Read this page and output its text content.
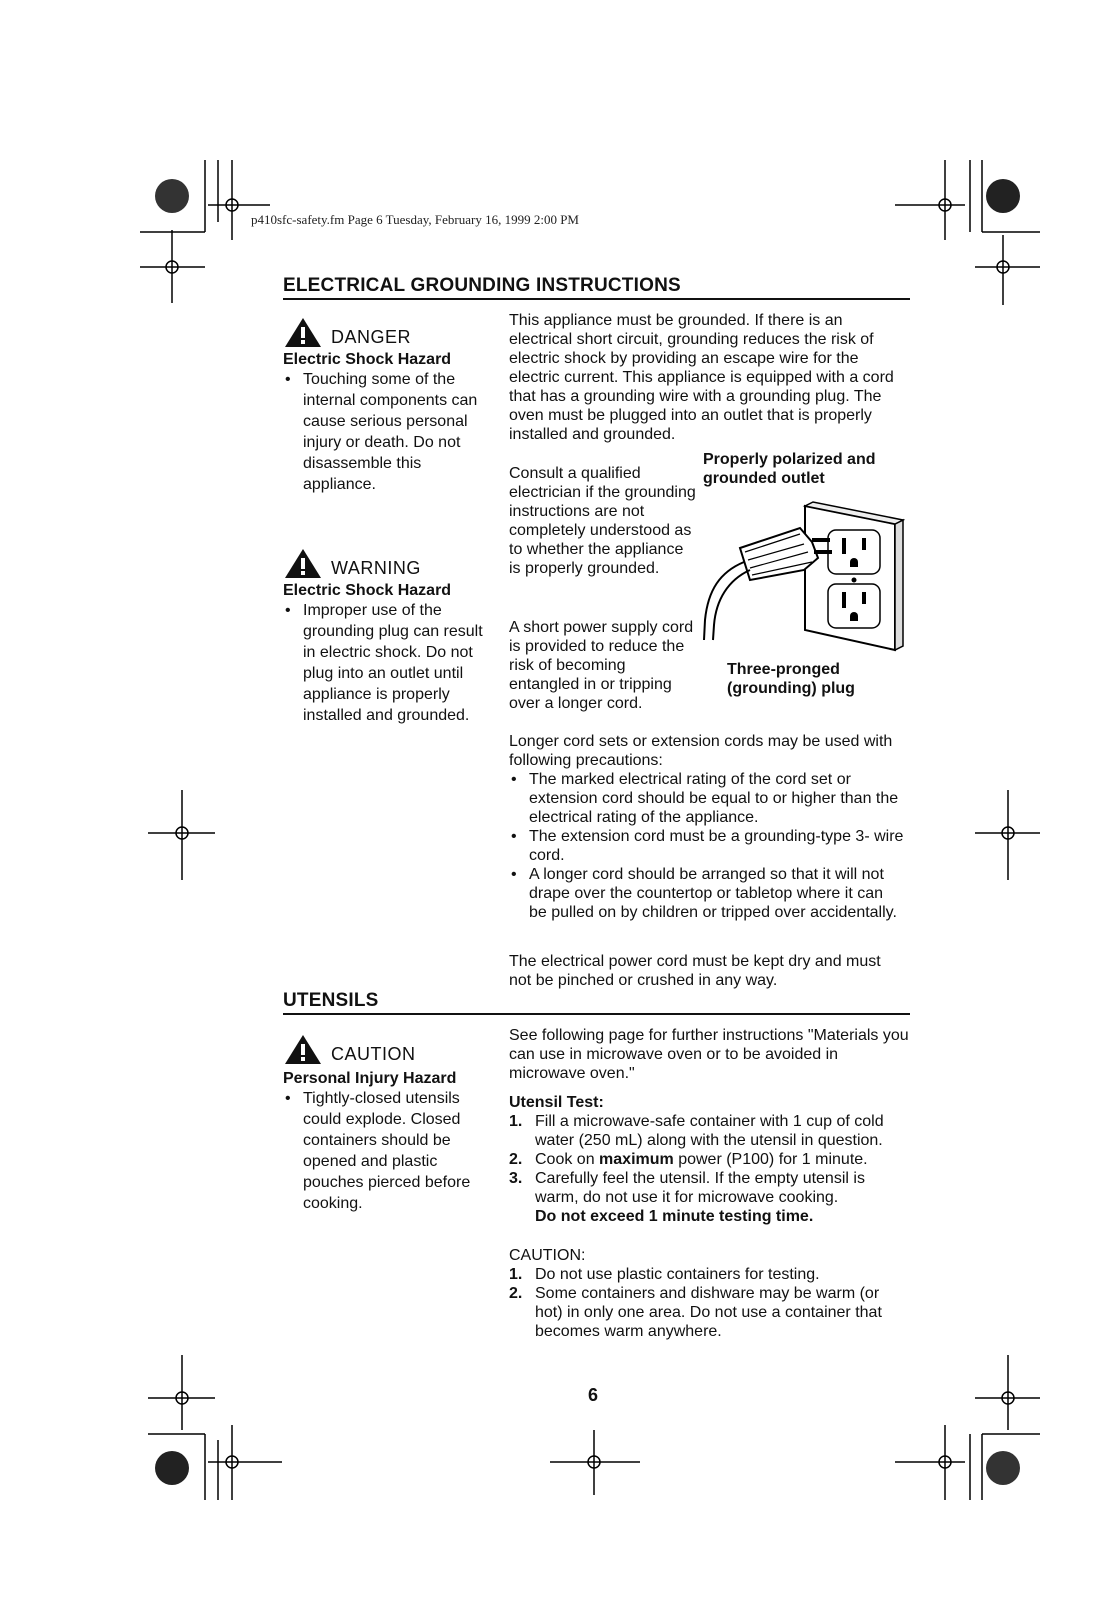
p410sfc-safety.fm Page 6 Tuesday, February 16, 1999 2:00 PM
ELECTRICAL GROUNDING INSTRUCTIONS
DANGER
Electric Shock Hazard
• Touching some of the internal components can cause serious personal injury or death. Do not disassemble this appliance.
WARNING
Electric Shock Hazard
• Improper use of the grounding plug can result in electric shock. Do not plug into an outlet until appliance is properly installed and grounded.
This appliance must be grounded. If there is an electrical short circuit, grounding reduces the risk of electric shock by providing an escape wire for the electric current. This appliance is equipped with a cord that has a grounding wire with a grounding plug. The oven must be plugged into an outlet that is properly installed and grounded.
Properly polarized and grounded outlet
Three-pronged (grounding) plug
Consult a qualified electrician if the grounding instructions are not completely understood as to whether the appliance is properly grounded.
A short power supply cord is provided to reduce the risk of becoming entangled in or tripping over a longer cord.
Longer cord sets or extension cords may be used with following precautions:
• The marked electrical rating of the cord set or extension cord should be equal to or higher than the electrical rating of the appliance.
• The extension cord must be a grounding-type 3- wire cord.
• A longer cord should be arranged so that it will not drape over the countertop or tabletop where it can be pulled on by children or tripped over accidentally.
The electrical power cord must be kept dry and must not be pinched or crushed in any way.
UTENSILS
CAUTION
Personal Injury Hazard
• Tightly-closed utensils could explode. Closed containers should be opened and plastic pouches pierced before cooking.
See following page for further instructions "Materials you can use in microwave oven or to be avoided in microwave oven."
Utensil Test:
1. Fill a microwave-safe container with 1 cup of cold water (250 mL) along with the utensil in question.
2. Cook on maximum power (P100) for 1 minute.
3. Carefully feel the utensil. If the empty utensil is warm, do not use it for microwave cooking.
Do not exceed 1 minute testing time.
CAUTION:
1. Do not use plastic containers for testing.
2. Some containers and dishware may be warm (or hot) in only one area. Do not use a container that becomes warm anywhere.
6
